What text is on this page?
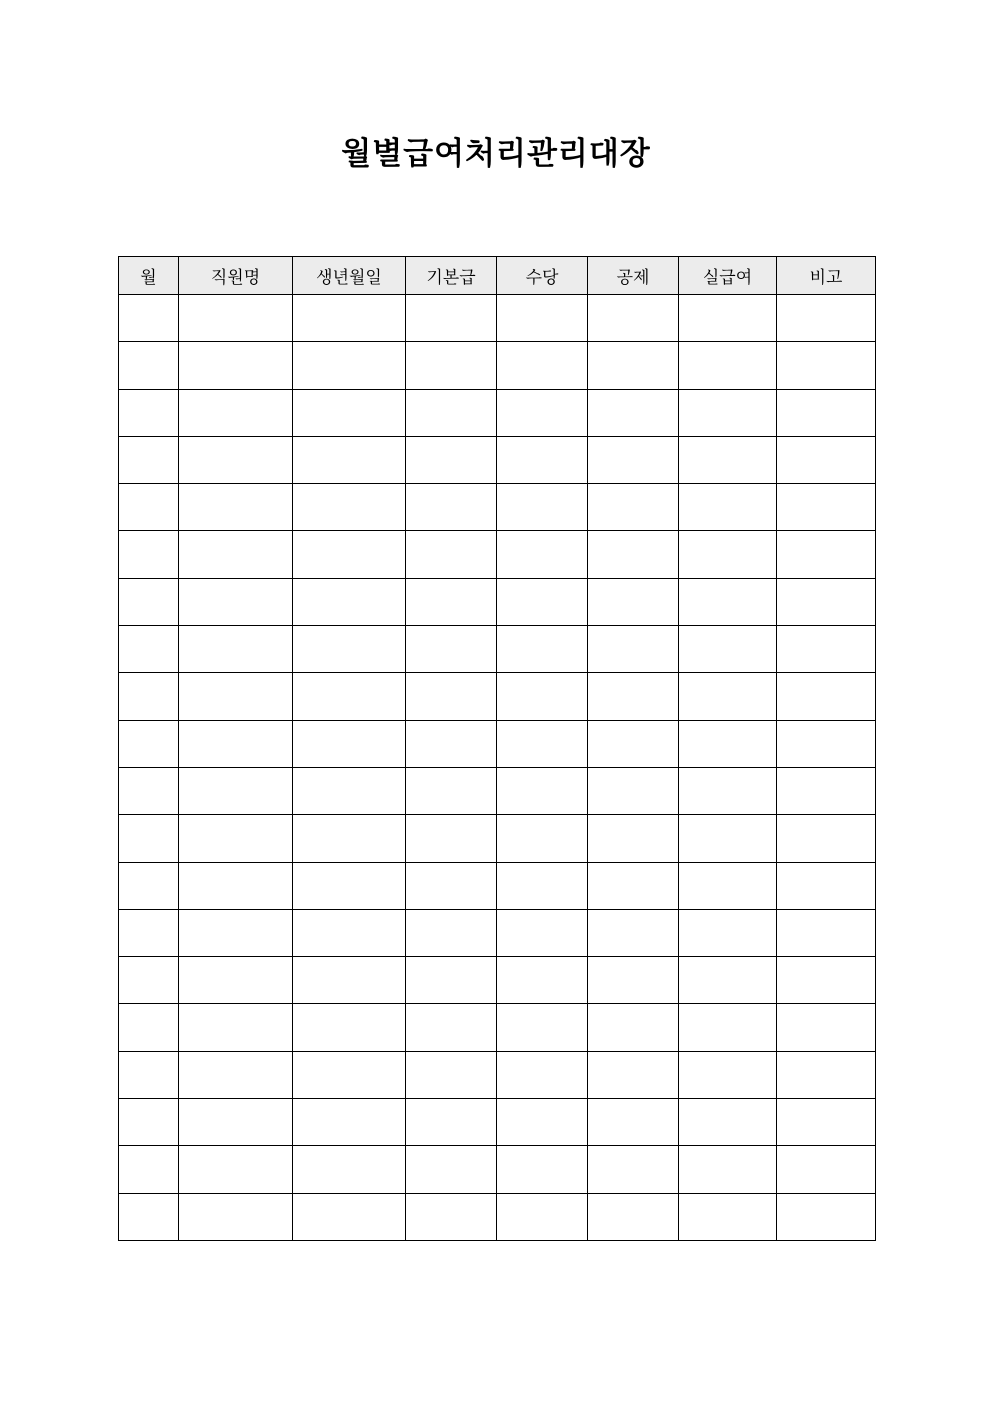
월별급여처리관리대장
월	직원명	생년월일	기본급	수당	공제	실급여	비고
